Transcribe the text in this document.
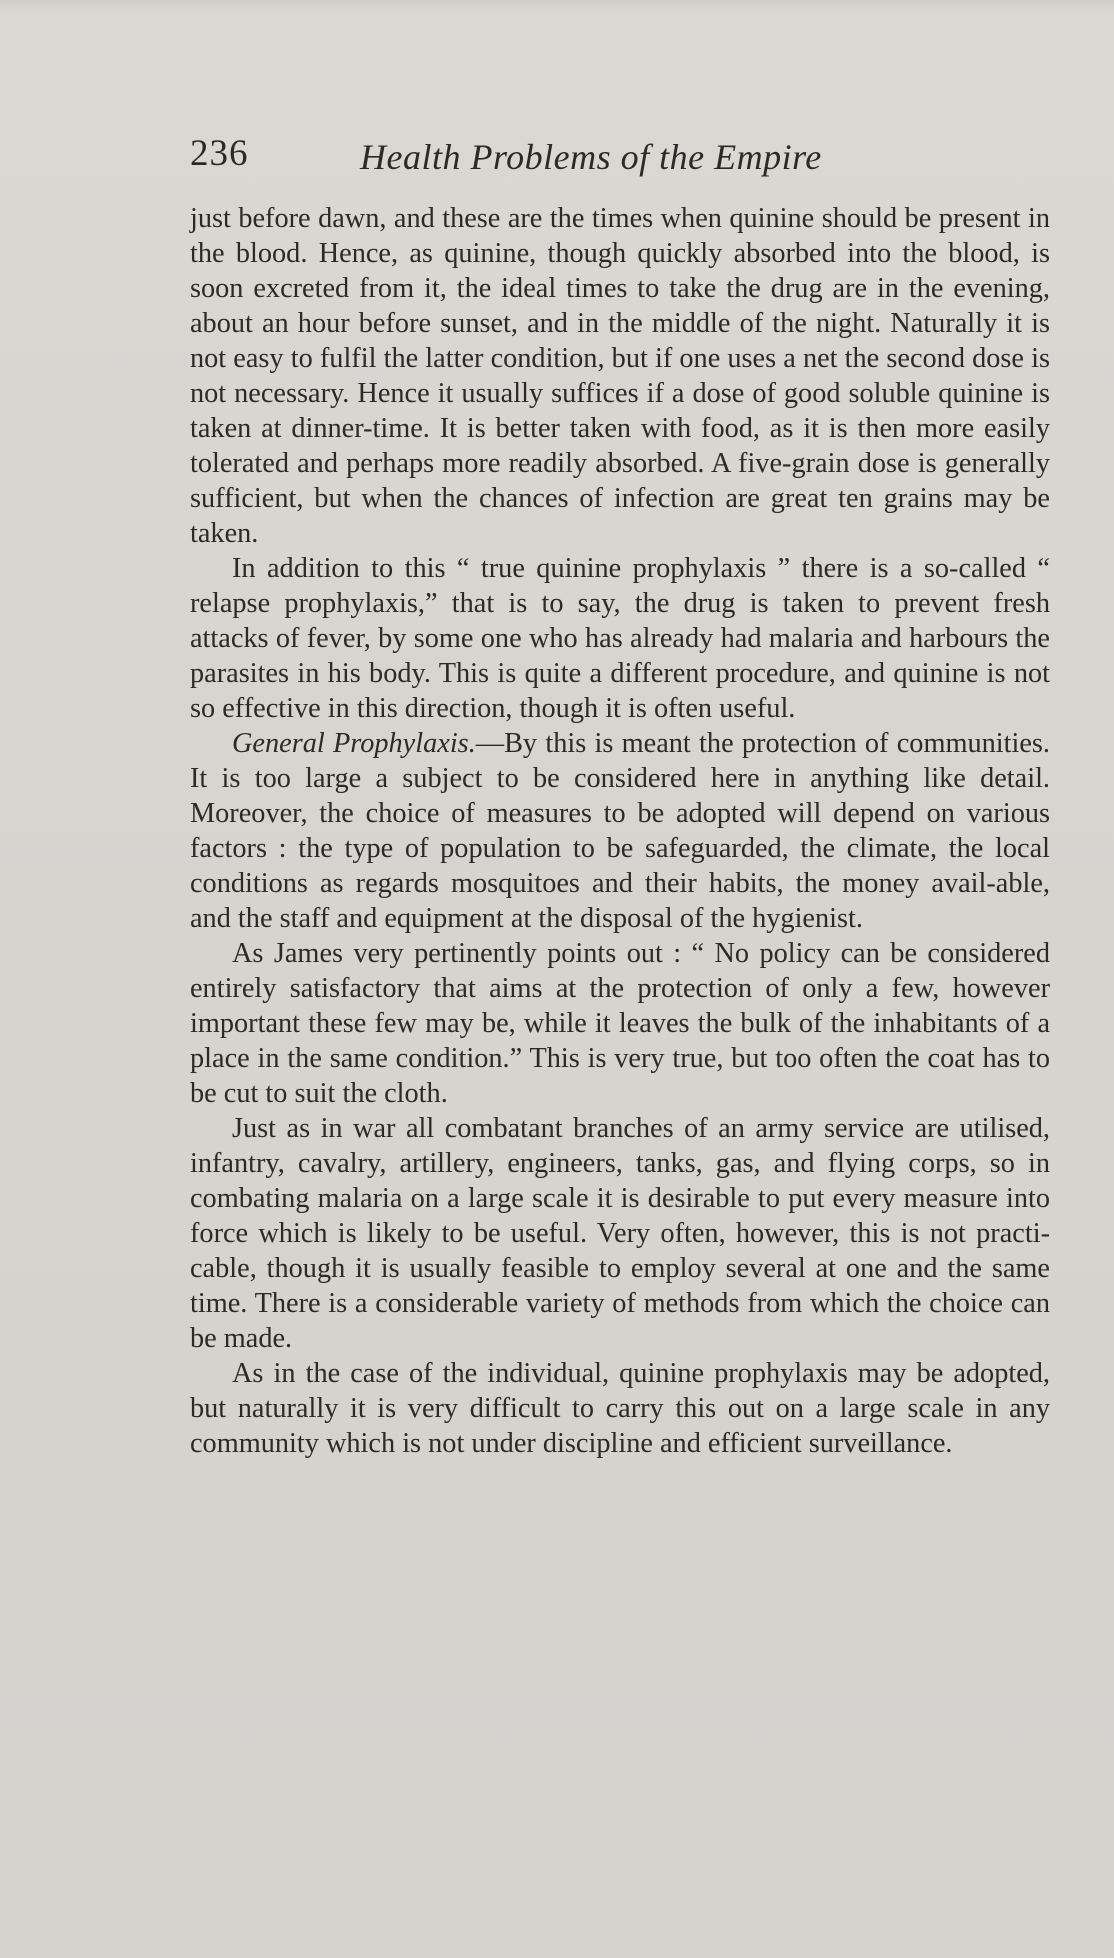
236	Health Problems of the Empire

just before dawn, and these are the times when quinine should be present in the blood. Hence, as quinine, though quickly absorbed into the blood, is soon excreted from it, the ideal times to take the drug are in the evening, about an hour before sunset, and in the middle of the night. Naturally it is not easy to fulfil the latter condition, but if one uses a net the second dose is not necessary. Hence it usually suffices if a dose of good soluble quinine is taken at dinner-time. It is better taken with food, as it is then more easily tolerated and perhaps more readily absorbed. A five-grain dose is generally sufficient, but when the chances of infection are great ten grains may be taken.

In addition to this “ true quinine prophylaxis ” there is a so-called “ relapse prophylaxis,” that is to say, the drug is taken to prevent fresh attacks of fever, by some one who has already had malaria and harbours the parasites in his body. This is quite a different procedure, and quinine is not so effective in this direction, though it is often useful.

General Prophylaxis.—By this is meant the protection of communities. It is too large a subject to be considered here in anything like detail. Moreover, the choice of measures to be adopted will depend on various factors : the type of population to be safeguarded, the climate, the local conditions as regards mosquitoes and their habits, the money avail-able, and the staff and equipment at the disposal of the hygienist.

As James very pertinently points out : “ No policy can be considered entirely satisfactory that aims at the protection of only a few, however important these few may be, while it leaves the bulk of the inhabitants of a place in the same condition.” This is very true, but too often the coat has to be cut to suit the cloth.

Just as in war all combatant branches of an army service are utilised, infantry, cavalry, artillery, engineers, tanks, gas, and flying corps, so in combating malaria on a large scale it is desirable to put every measure into force which is likely to be useful. Very often, however, this is not practi-cable, though it is usually feasible to employ several at one and the same time. There is a considerable variety of methods from which the choice can be made.

As in the case of the individual, quinine prophylaxis may be adopted, but naturally it is very difficult to carry this out on a large scale in any community which is not under discipline and efficient surveillance.
